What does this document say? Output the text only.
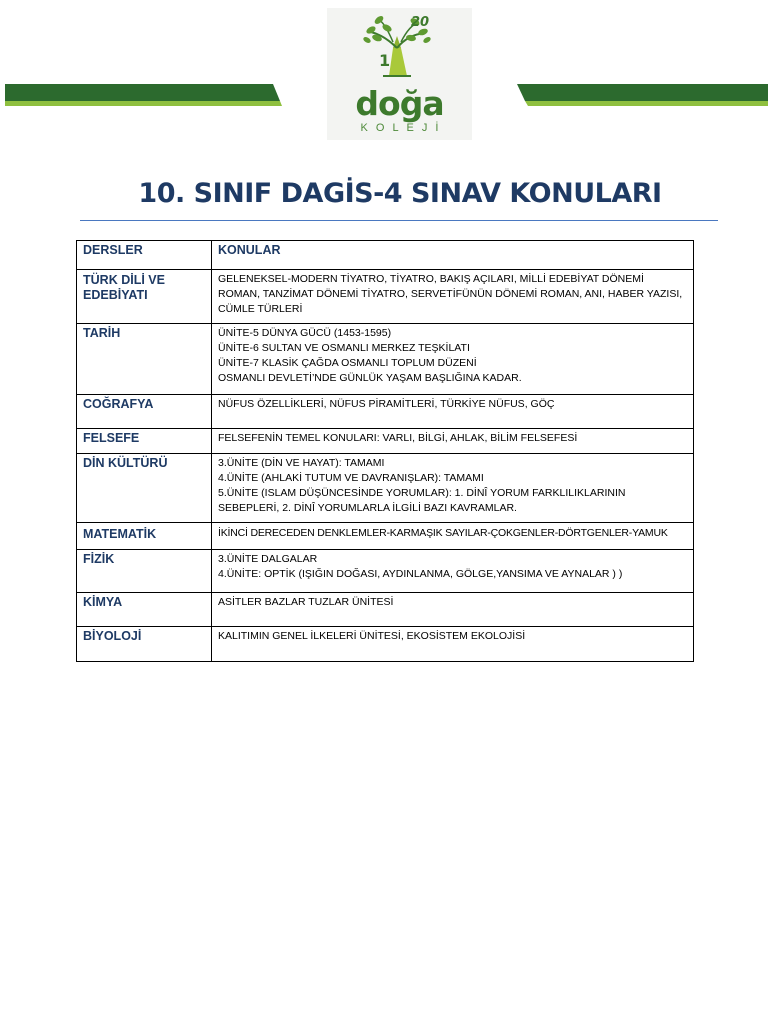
1
20
doğa
KOLEJİ
10. SINIF DAGİS-4 SINAV KONULARI
DERSLER	KONULAR
TÜRK DİLİ VE EDEBİYATI	GELENEKSEL-MODERN TİYATRO, TİYATRO, BAKIŞ AÇILARI, MİLLİ EDEBİYAT DÖNEMİ ROMAN, TANZİMAT DÖNEMİ TİYATRO, SERVETİFÜNÜN DÖNEMİ ROMAN, ANI, HABER YAZISI, CÜMLE TÜRLERİ

TARİH	ÜNİTE-5 DÜNYA GÜCÜ (1453-1595)
ÜNİTE-6 SULTAN VE OSMANLI MERKEZ TEŞKİLATI
ÜNİTE-7 KLASİK ÇAĞDA OSMANLI TOPLUM DÜZENİ
OSMANLI DEVLETİ’NDE GÜNLÜK YAŞAM BAŞLIĞINA KADAR.

COĞRAFYA	NÜFUS ÖZELLİKLERİ, NÜFUS PİRAMİTLERİ, TÜRKİYE NÜFUS, GÖÇ

FELSEFE	FELSEFENİN TEMEL KONULARI: VARLI, BİLGİ, AHLAK, BİLİM FELSEFESİ

DİN KÜLTÜRÜ	3.ÜNİTE (DİN VE HAYAT): TAMAMI
4.ÜNİTE (AHLAKİ TUTUM VE DAVRANIŞLAR): TAMAMI
5.ÜNİTE (ISLAM DÜŞÜNCESİNDE YORUMLAR): 1. DİNÎ YORUM FARKLILIKLARININ SEBEPLERİ, 2. DİNÎ YORUMLARLA İLGİLİ BAZI KAVRAMLAR.

MATEMATİK	İKİNCİ DERECEDEN DENKLEMLER-KARMAŞIK SAYILAR-ÇOKGENLER-DÖRTGENLER-YAMUK

FİZİK	3.ÜNİTE DALGALAR
4.ÜNİTE: OPTİK (IŞIĞIN DOĞASI, AYDINLANMA, GÖLGE,YANSIMA VE AYNALAR ) )

KİMYA	ASİTLER BAZLAR TUZLAR ÜNİTESİ

BİYOLOJİ	KALITIMIN GENEL İLKELERİ ÜNİTESİ, EKOSİSTEM EKOLOJİSİ
